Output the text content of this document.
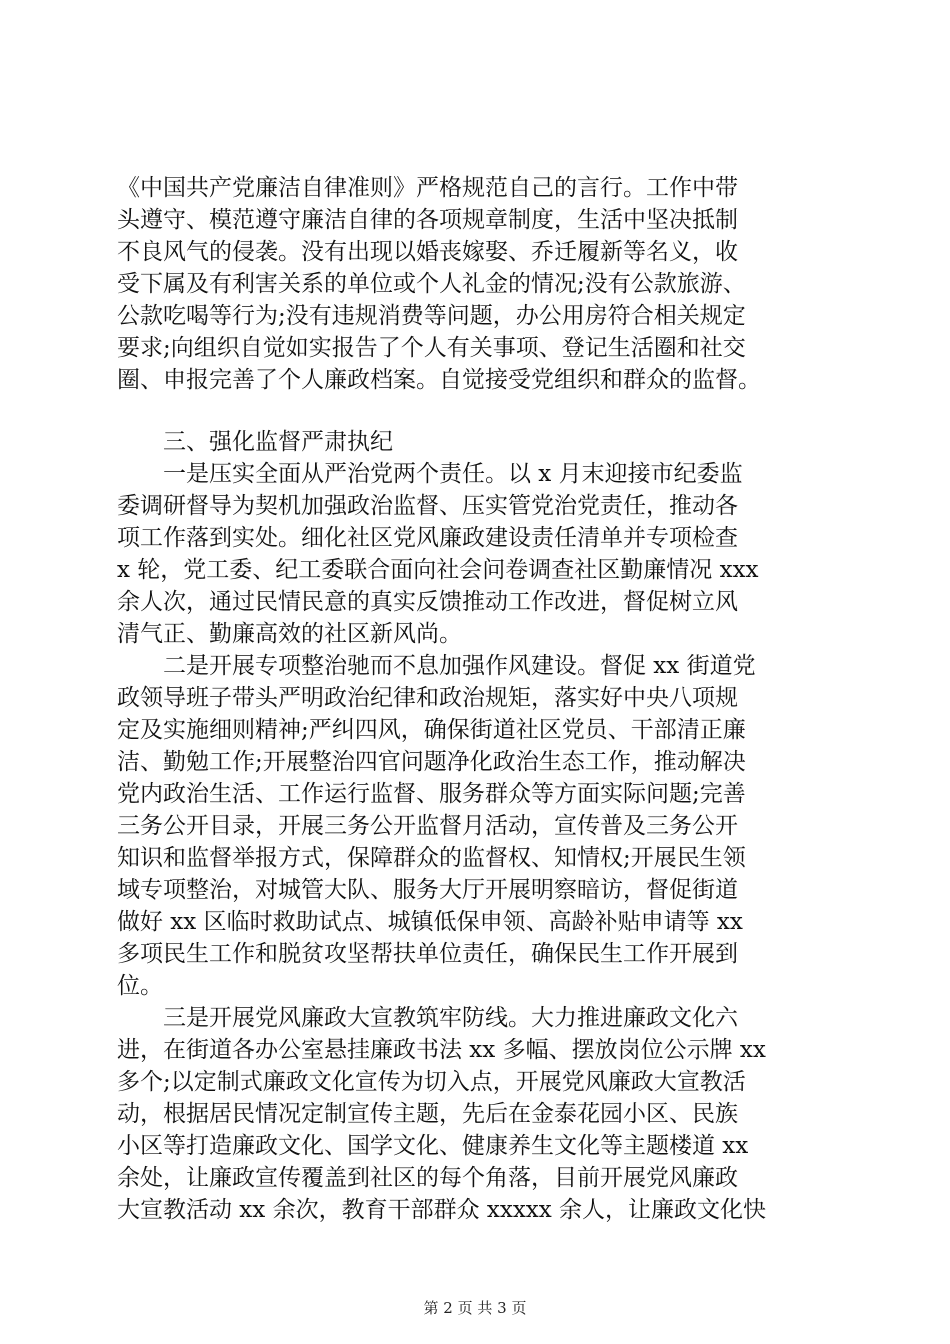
《中国共产党廉洁自律准则》严格规范自己的言行。工作中带
头遵守、模范遵守廉洁自律的各项规章制度，生活中坚决抵制
不良风气的侵袭。没有出现以婚丧嫁娶、乔迁履新等名义，收
受下属及有利害关系的单位或个人礼金的情况;没有公款旅游、
公款吃喝等行为;没有违规消费等问题，办公用房符合相关规定
要求;向组织自觉如实报告了个人有关事项、登记生活圈和社交
圈、申报完善了个人廉政档案。自觉接受党组织和群众的监督。
三、强化监督严肃执纪
一是压实全面从严治党两个责任。以 x 月末迎接市纪委监
委调研督导为契机加强政治监督、压实管党治党责任，推动各
项工作落到实处。细化社区党风廉政建设责任清单并专项检查
x 轮，党工委、纪工委联合面向社会问卷调查社区勤廉情况 xxx
余人次，通过民情民意的真实反馈推动工作改进，督促树立风
清气正、勤廉高效的社区新风尚。
二是开展专项整治驰而不息加强作风建设。督促 xx 街道党
政领导班子带头严明政治纪律和政治规矩，落实好中央八项规
定及实施细则精神;严纠四风，确保街道社区党员、干部清正廉
洁、勤勉工作;开展整治四官问题净化政治生态工作，推动解决
党内政治生活、工作运行监督、服务群众等方面实际问题;完善
三务公开目录，开展三务公开监督月活动，宣传普及三务公开
知识和监督举报方式，保障群众的监督权、知情权;开展民生领
域专项整治，对城管大队、服务大厅开展明察暗访，督促街道
做好 xx 区临时救助试点、城镇低保申领、高龄补贴申请等 xx
多项民生工作和脱贫攻坚帮扶单位责任，确保民生工作开展到
位。
三是开展党风廉政大宣教筑牢防线。大力推进廉政文化六
进，在街道各办公室悬挂廉政书法 xx 多幅、摆放岗位公示牌 xx
多个;以定制式廉政文化宣传为切入点，开展党风廉政大宣教活
动，根据居民情况定制宣传主题，先后在金泰花园小区、民族
小区等打造廉政文化、国学文化、健康养生文化等主题楼道 xx
余处，让廉政宣传覆盖到社区的每个角落，目前开展党风廉政
大宣教活动 xx 余次，教育干部群众 xxxxx 余人，让廉政文化快
第 2 页 共 3 页
